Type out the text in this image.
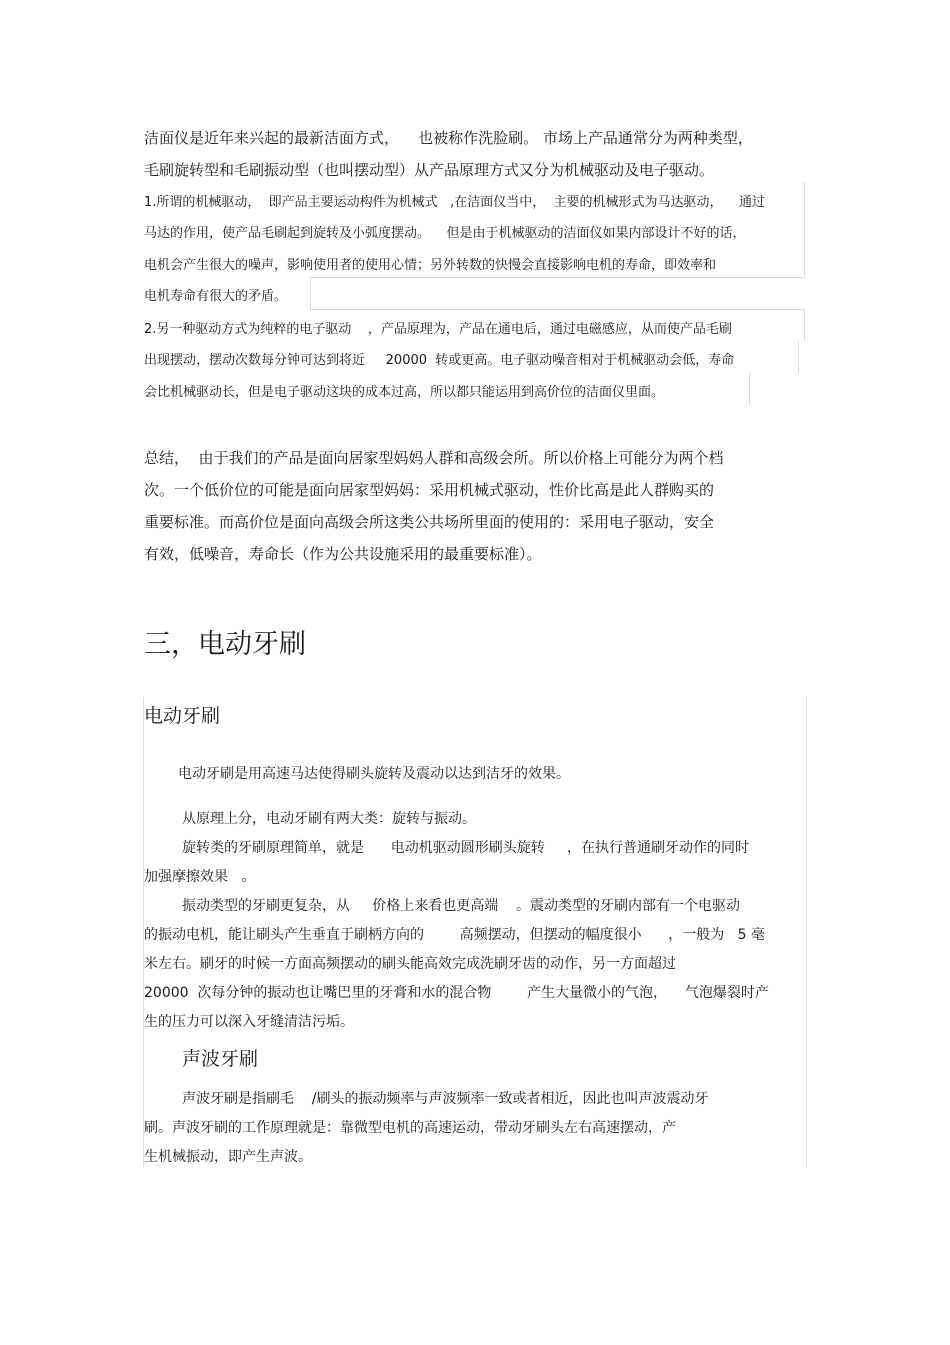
洁面仪是近年来兴起的最新洁面方式，    也被称作洗脸刷。 市场上产品通常分为两种类型，
毛刷旋转型和毛刷振动型（也叫摆动型）从产品原理方式又分为机械驱动及电子驱动。
1.所谓的机械驱动，  即产品主要运动构件为机械式   ,在洁面仪当中，  主要的机械形式为马达驱动，    通过
马达的作用，使产品毛刷起到旋转及小弧度摆动。    但是由于机械驱动的洁面仪如果内部设计不好的话，
电机会产生很大的噪声，影响使用者的使用心情；另外转数的快慢会直接影响电机的寿命，即效率和
电机寿命有很大的矛盾。
2.另一种驱动方式为纯粹的电子驱动    ，产品原理为，产品在通电后，通过电磁感应，从而使产品毛刷
出现摆动，摆动次数每分钟可达到将近     20000  转或更高。电子驱动噪音相对于机械驱动会低，寿命
会比机械驱动长，但是电子驱动这块的成本过高，所以都只能运用到高价位的洁面仪里面。
总结，  由于我们的产品是面向居家型妈妈人群和高级会所。所以价格上可能分为两个档
次。一个低价位的可能是面向居家型妈妈：采用机械式驱动，性价比高是此人群购买的
重要标准。而高价位是面向高级会所这类公共场所里面的使用的：采用电子驱动，安全
有效，低噪音，寿命长（作为公共设施采用的最重要标准）。
三，电动牙刷
电动牙刷
电动牙刷是用高速马达使得刷头旋转及震动以达到洁牙的效果。
从原理上分，电动牙刷有两大类：旋转与振动。
旋转类的牙刷原理简单，就是      电动机驱动圆形刷头旋转     ，在执行普通刷牙动作的同时
加强摩擦效果   。
振动类型的牙刷更复杂，从     价格上来看也更高端    。震动类型的牙刷内部有一个电驱动
的振动电机，能让刷头产生垂直于刷柄方向的        高频摆动，但摆动的幅度很小      ，一般为   5 毫
米左右。刷牙的时候一方面高频摆动的刷头能高效完成洗刷牙齿的动作，另一方面超过
20000  次每分钟的振动也让嘴巴里的牙膏和水的混合物        产生大量微小的气泡，    气泡爆裂时产
生的压力可以深入牙缝清洁污垢。
声波牙刷
声波牙刷是指刷毛    /刷头的振动频率与声波频率一致或者相近，因此也叫声波震动牙
刷。声波牙刷的工作原理就是：靠微型电机的高速运动，带动牙刷头左右高速摆动，产
生机械振动，即产生声波。
